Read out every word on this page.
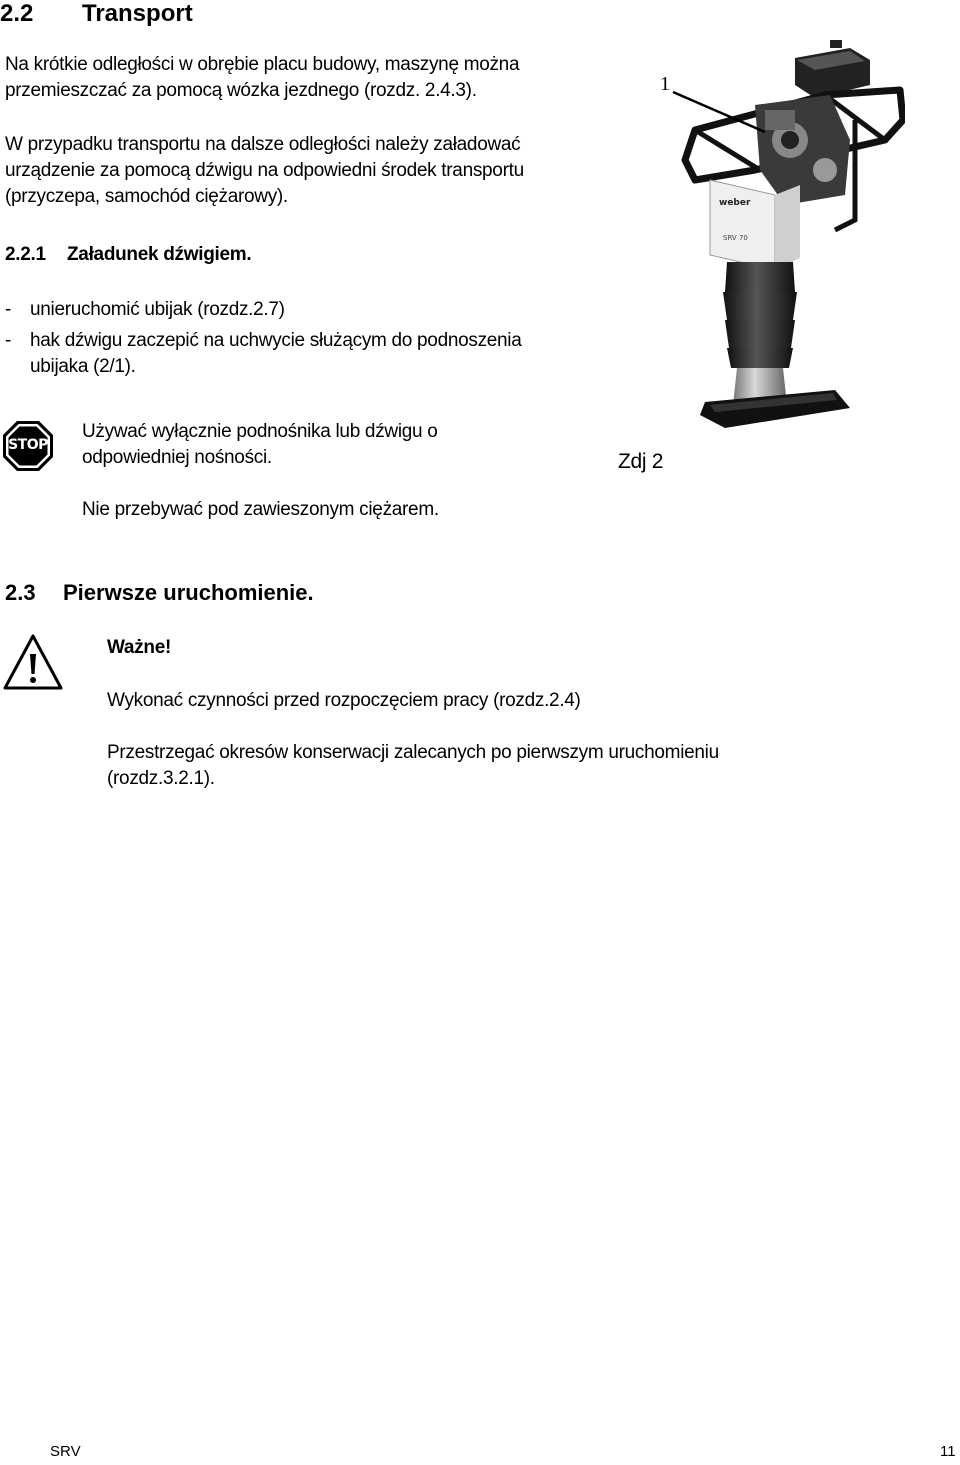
2.2 Transport
Na krótkie odległości w obrębie placu budowy, maszynę można
przemieszczać za pomocą wózka jezdnego (rozdz. 2.4.3).
W przypadku transportu na dalsze odległości należy załadować
urządzenie za pomocą dźwigu na odpowiedni środek transportu
(przyczepa, samochód ciężarowy).
2.2.1 Załadunek dźwigiem.
- unieruchomić ubijak (rozdz.2.7)
- hak dźwigu zaczepić na uchwycie służącym do podnoszenia
ubijaka (2/1).
STOP
Używać wyłącznie podnośnika lub dźwigu o
odpowiedniej nośności.
Nie przebywać pod zawieszonym ciężarem.
weber
SRV 70
1
Zdj 2
2.3 Pierwsze uruchomienie.
Ważne!
Wykonać czynności przed rozpoczęciem pracy (rozdz.2.4)
Przestrzegać okresów konserwacji zalecanych po pierwszym uruchomieniu
(rozdz.3.2.1).
SRV	11
